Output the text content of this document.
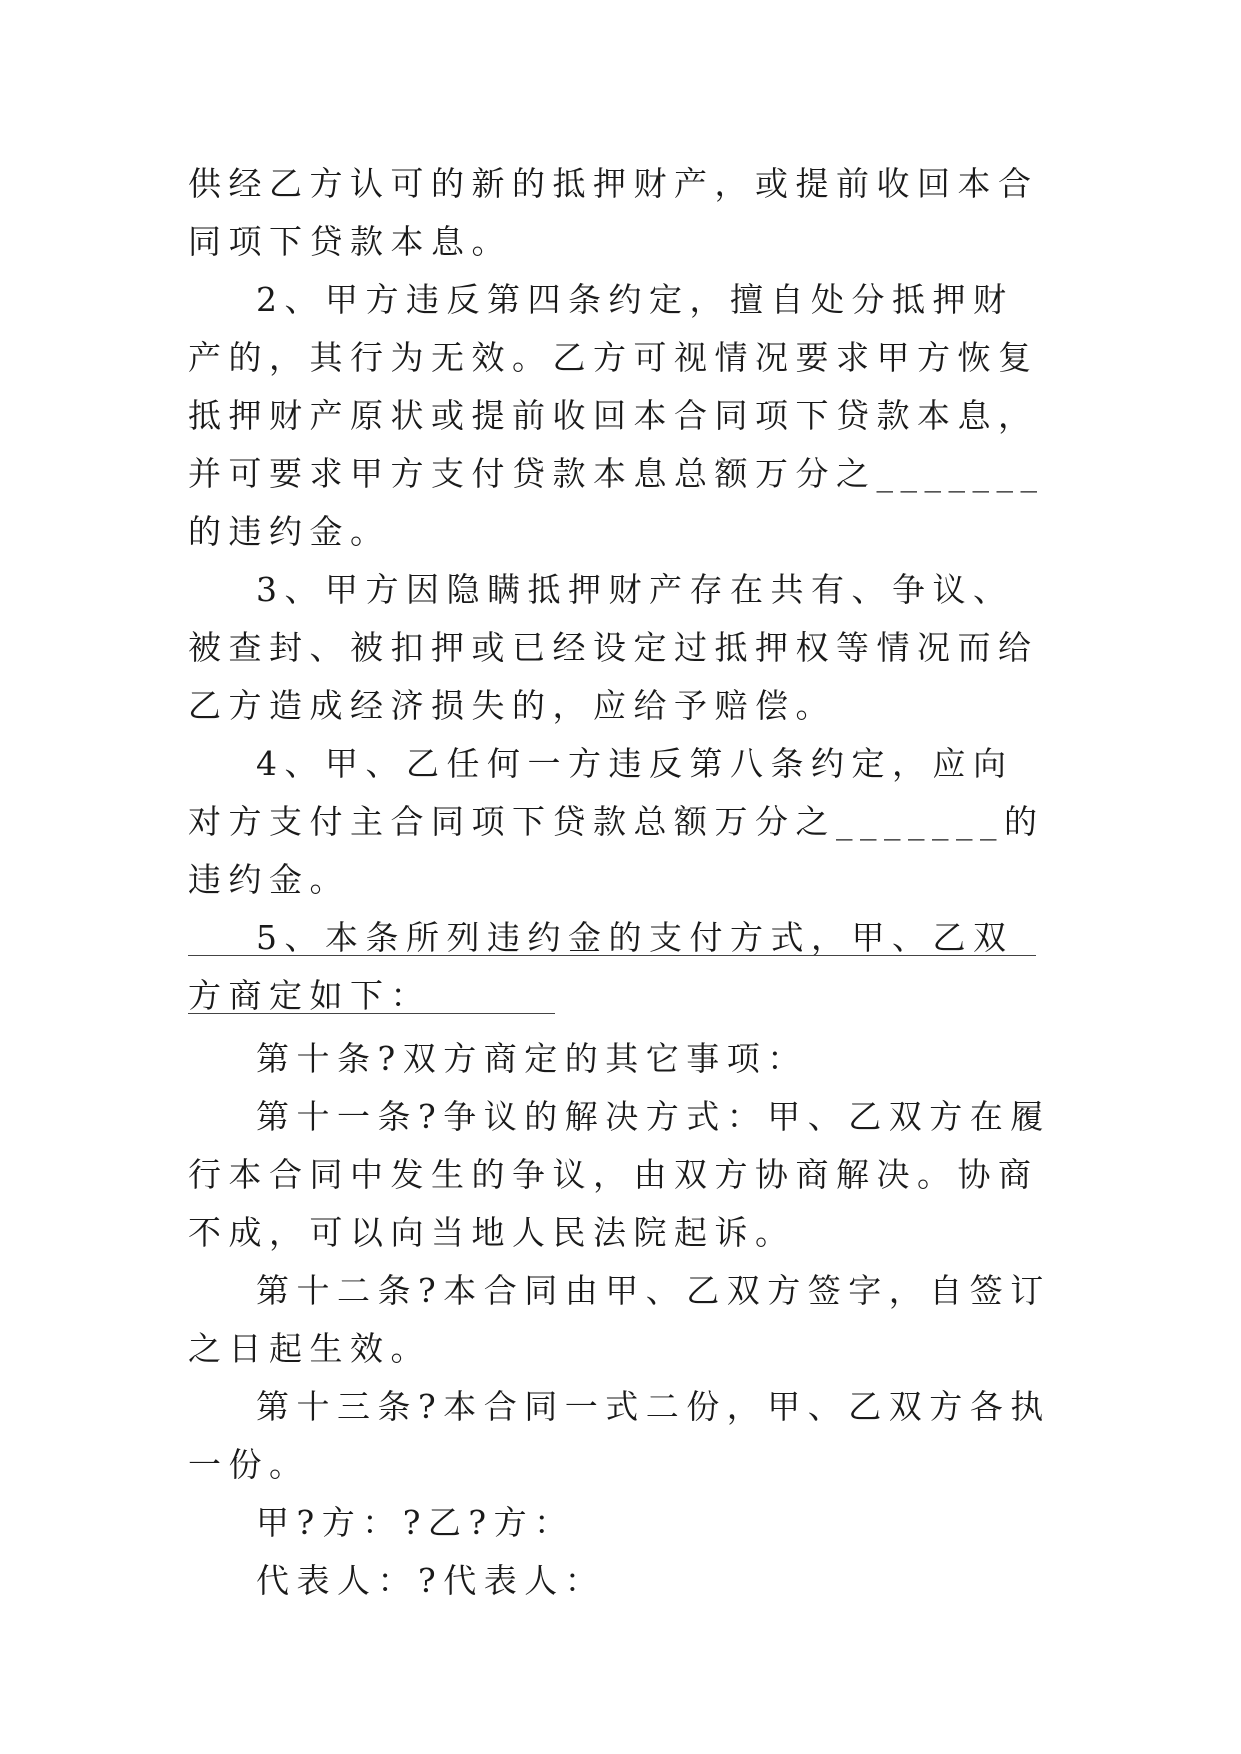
供经乙方认可的新的抵押财产，或提前收回本合同项下贷款本息。

2、甲方违反第四条约定，擅自处分抵押财产的，其行为无效。乙方可视情况要求甲方恢复抵押财产原状或提前收回本合同项下贷款本息，并可要求甲方支付贷款本息总额万分之_______的违约金。

3、甲方因隐瞒抵押财产存在共有、争议、被查封、被扣押或已经设定过抵押权等情况而给乙方造成经济损失的，应给予赔偿。

4、甲、乙任何一方违反第八条约定，应向对方支付主合同项下贷款总额万分之_______的违约金。

5、本条所列违约金的支付方式，甲、乙双方商定如下：

第十条?双方商定的其它事项：

第十一条?争议的解决方式：甲、乙双方在履行本合同中发生的争议，由双方协商解决。协商不成，可以向当地人民法院起诉。

第十二条?本合同由甲、乙双方签字，自签订之日起生效。

第十三条?本合同一式二份，甲、乙双方各执一份。

甲?方：?乙?方：

代表人：?代表人：
